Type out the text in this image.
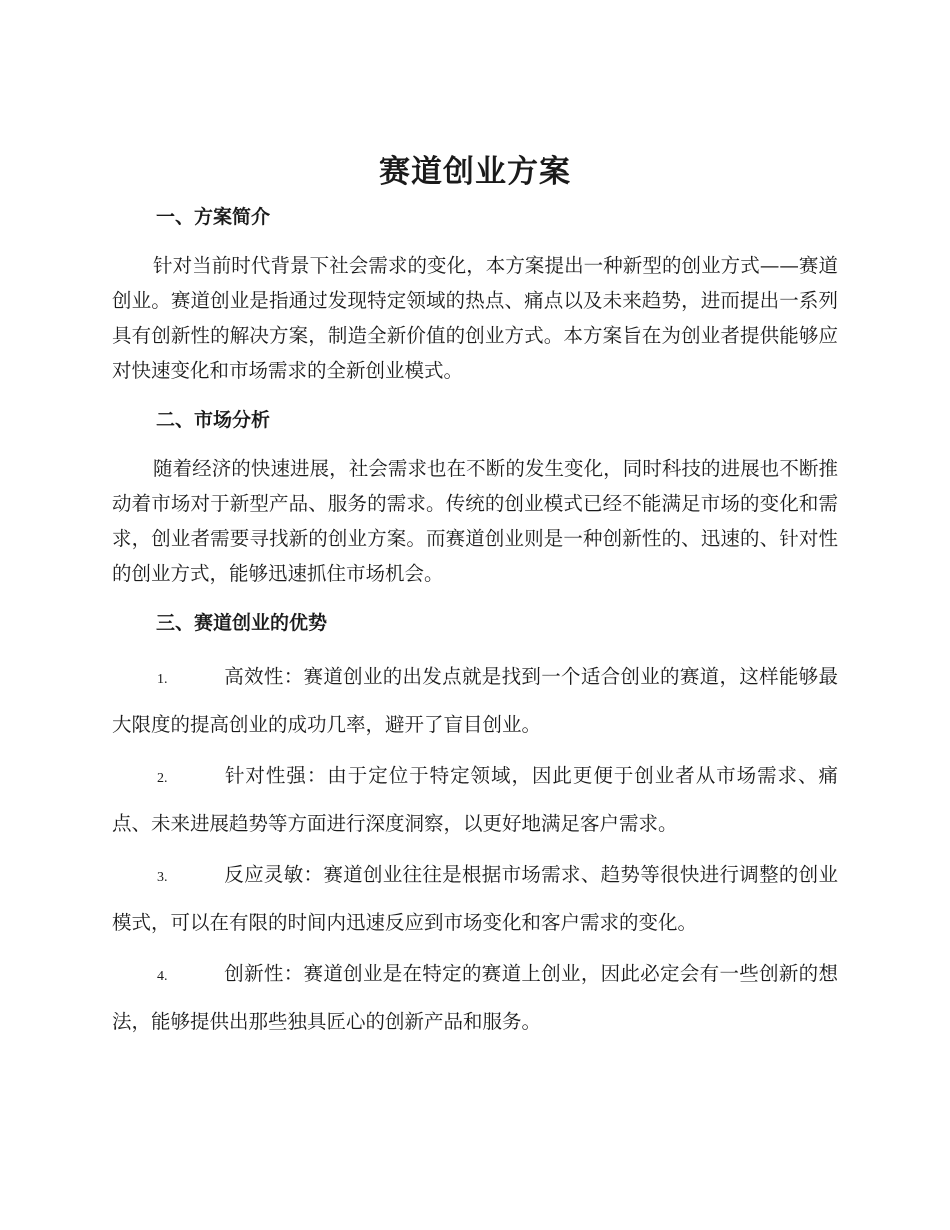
赛道创业方案
一、方案简介

针对当前时代背景下社会需求的变化，本方案提出一种新型的创业方式——赛道创业。赛道创业是指通过发现特定领域的热点、痛点以及未来趋势，进而提出一系列具有创新性的解决方案，制造全新价值的创业方式。本方案旨在为创业者提供能够应对快速变化和市场需求的全新创业模式。

二、市场分析

随着经济的快速进展，社会需求也在不断的发生变化，同时科技的进展也不断推动着市场对于新型产品、服务的需求。传统的创业模式已经不能满足市场的变化和需求，创业者需要寻找新的创业方案。而赛道创业则是一种创新性的、迅速的、针对性的创业方式，能够迅速抓住市场机会。

三、赛道创业的优势

1.	高效性：赛道创业的出发点就是找到一个适合创业的赛道，这样能够最大限度的提高创业的成功几率，避开了盲目创业。

2.	针对性强：由于定位于特定领域，因此更便于创业者从市场需求、痛点、未来进展趋势等方面进行深度洞察，以更好地满足客户需求。

3.	反应灵敏：赛道创业往往是根据市场需求、趋势等很快进行调整的创业模式，可以在有限的时间内迅速反应到市场变化和客户需求的变化。

4.	创新性：赛道创业是在特定的赛道上创业，因此必定会有一些创新的想法，能够提供出那些独具匠心的创新产品和服务。
